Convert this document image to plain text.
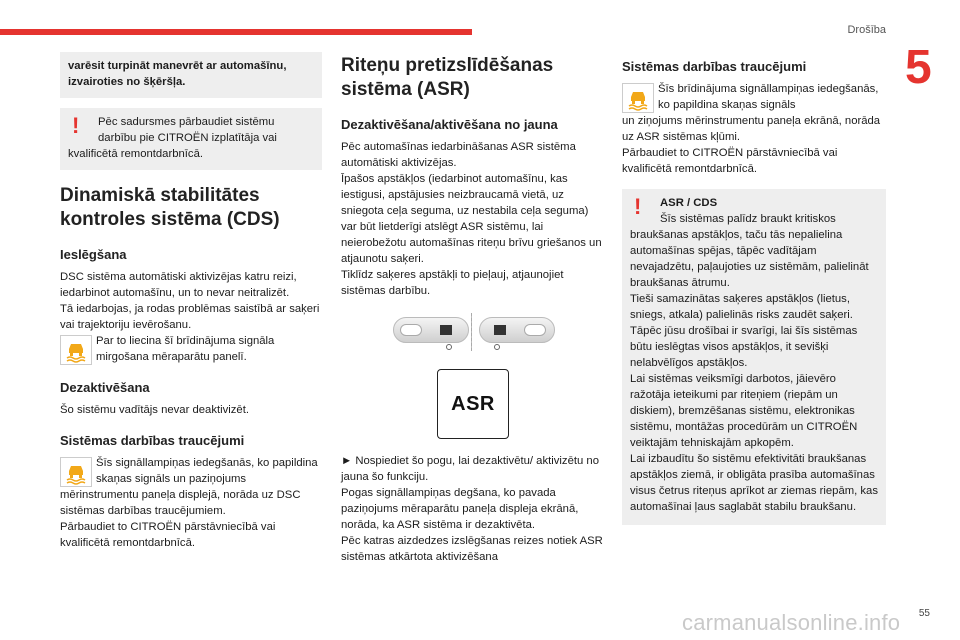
Drošība
5

varēsit turpināt manevrēt ar automašīnu, izvairoties no šķēršļa.

!	Pēc sadursmes pārbaudiet sistēmu darbību pie CITROËN izplatītāja vai kvalificētā remontdarbnīcā.

Dinamiskā stabilitātes kontroles sistēma (CDS)
Ieslēgšana

DSC sistēma automātiski aktivizējas katru reizi, iedarbinot automašīnu, un to nevar neitralizēt.
Tā iedarbojas, ja rodas problēmas saistībā ar saķeri vai trajektoriju ievērošanu.

Par to liecina šī brīdinājuma signāla mirgošana mēraparātu panelī.

Dezaktivēšana

Šo sistēmu vadītājs nevar deaktivizēt.

Sistēmas darbības traucējumi

Šīs signāllampiņas iedegšanās, ko papildina skaņas signāls un paziņojums

mērinstrumentu paneļa displejā, norāda uz DSC sistēmas darbības traucējumiem.
Pārbaudiet to CITROËN pārstāvniecībā vai kvalificētā remontdarbnīcā.

Riteņu pretizslīdēšanas sistēma (ASR)
Dezaktivēšana/aktivēšana no jauna

Pēc automašīnas iedarbināšanas ASR sistēma automātiski aktivizējas.
Īpašos apstākļos (iedarbinot automašīnu, kas iestigusi, apstājusies neizbraucamā vietā, uz sniegota ceļa seguma, uz nestabila ceļa seguma) var būt lietderīgi atslēgt ASR sistēmu, lai neierobežotu automašīnas riteņu brīvu griešanos un atjaunotu saķeri.
Tiklīdz saķeres apstākļi to pieļauj, atjaunojiet sistēmas darbību.

ASR

► Nospiediet šo pogu, lai dezaktivētu/ aktivizētu no jauna šo funkciju.
Pogas signāllampiņas degšana, ko pavada paziņojums mēraparātu paneļa displeja ekrānā, norāda, ka ASR sistēma ir dezaktivēta.
Pēc katras aizdedzes izslēgšanas reizes notiek ASR sistēmas atkārtota aktivizēšana

Sistēmas darbības traucējumi

Šīs brīdinājuma signāllampiņas iedegšanās, ko papildina skaņas signāls

un ziņojums mērinstrumentu paneļa ekrānā, norāda uz ASR sistēmas kļūmi.
Pārbaudiet to CITROËN pārstāvniecībā vai kvalificētā remontdarbnīcā.

!	ASR / CDS

Šīs sistēmas palīdz braukt kritiskos braukšanas apstākļos, taču tās nepalielina automašīnas spējas, tāpēc vadītājam nevajadzētu, paļaujoties uz sistēmām, palielināt braukšanas ātrumu.
Tieši samazinātas saķeres apstākļos (lietus, sniegs, atkala) palielinās risks zaudēt saķeri. Tāpēc jūsu drošībai ir svarīgi, lai šīs sistēmas būtu ieslēgtas visos apstākļos, it sevišķi nelabvēlīgos apstākļos.
Lai sistēmas veiksmīgi darbotos, jāievēro ražotāja ieteikumi par riteņiem (riepām un diskiem), bremzēšanas sistēmu, elektronikas sistēmu, montāžas procedūrām un CITROËN veiktajām tehniskajām apkopēm.
Lai izbaudītu šo sistēmu efektivitāti braukšanas apstākļos ziemā, ir obligāta prasība automašīnas visus četrus riteņus aprīkot ar ziemas riepām, kas automašīnai ļaus saglabāt stabilu braukšanu.

carmanualsonline.info 55
